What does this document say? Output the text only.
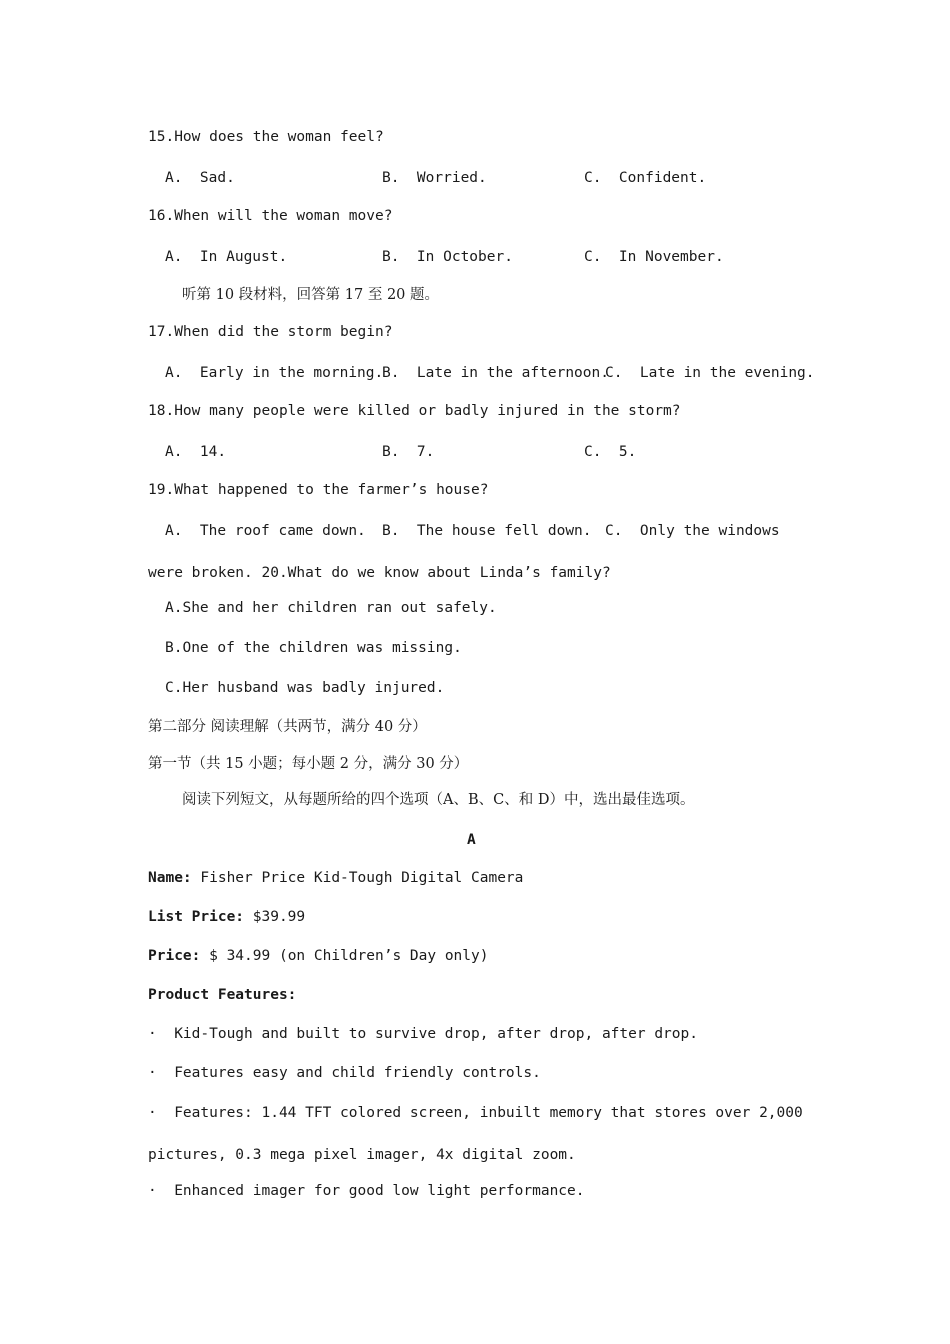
15.How does the woman feel?
A.  Sad.	B.  Worried.	C.  Confident.
16.When will the woman move?
A.  In August.	B.  In October.	C.  In November.
听第 10 段材料，回答第 17 至 20 题。
17.When did the storm begin?
A.  Early in the morning.
B.  Late in the afternoon.
C.  Late in the evening.
18.How many people were killed or badly injured in the storm?
A.  14.	B.  7.	C.  5.
19.What happened to the farmer’s house?
A.  The roof came down. B.  The house fell down. C.  Only the windows
were broken. 20.What do we know about Linda’s family?
A.She and her children ran out safely.
B.One of the children was missing.
C.Her husband was badly injured.
第二部分 阅读理解（共两节，满分 40 分）
第一节（共 15 小题；每小题 2 分，满分 30 分）
阅读下列短文，从每题所给的四个选项（A、B、C、和 D）中，选出最佳选项。
A
Name: Fisher Price Kid-Tough Digital Camera
List Price: $39.99
Price: $ 34.99 (on Children’s Day only)
Product Features:
·  Kid-Tough and built to survive drop, after drop, after drop.
·  Features easy and child friendly controls.
·  Features: 1.44 TFT colored screen, inbuilt memory that stores over 2,000
pictures, 0.3 mega pixel imager, 4x digital zoom.
·  Enhanced imager for good low light performance.
